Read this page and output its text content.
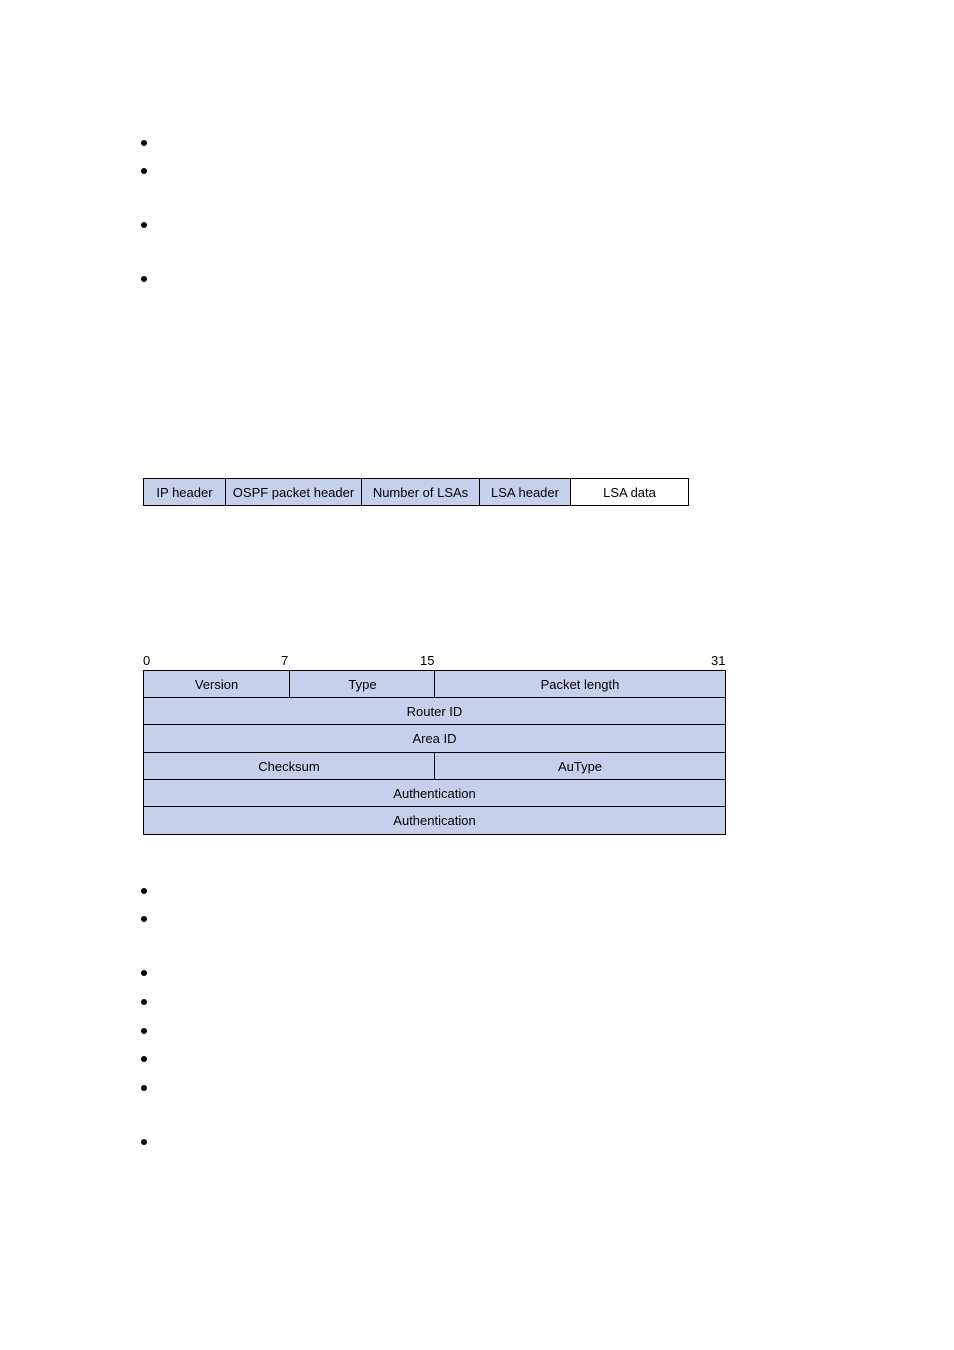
IP header	OSPF packet header	Number of LSAs	LSA header	LSA data
0	7	15	31
Version	Type	Packet length
Router ID
Area ID
Checksum	AuType
Authentication
Authentication
